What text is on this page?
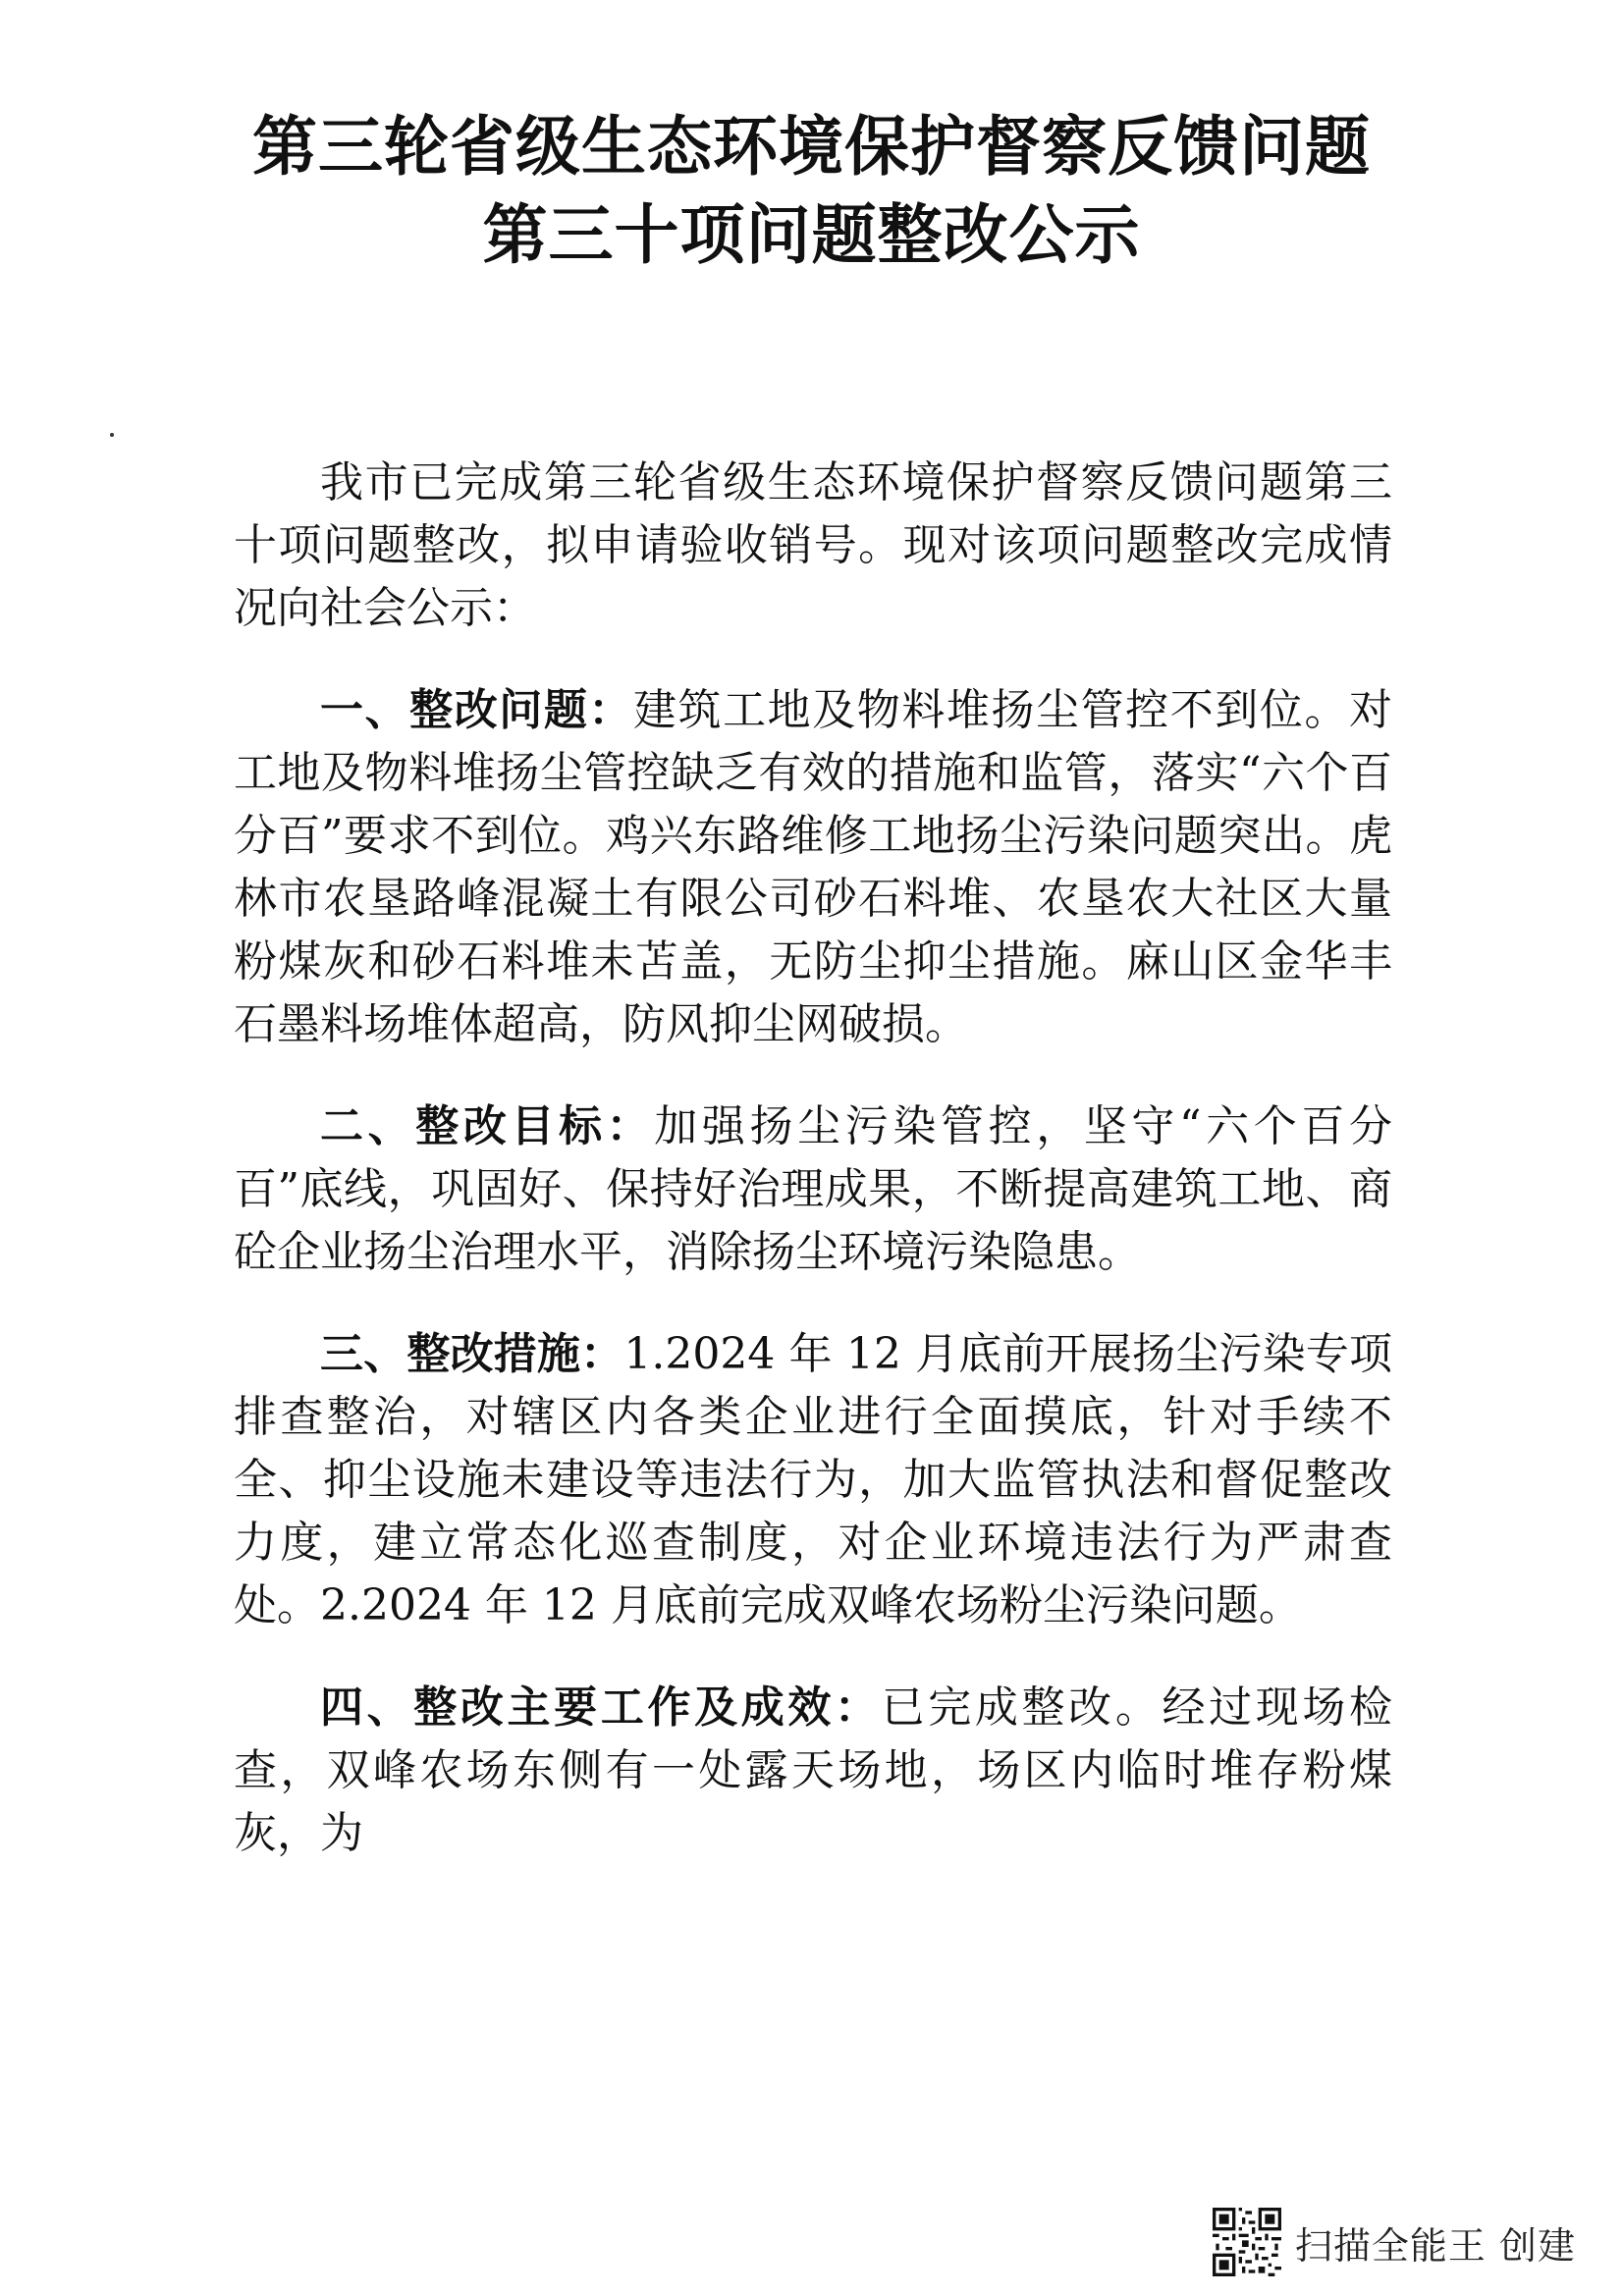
第三轮省级生态环境保护督察反馈问题
第三十项问题整改公示

我市已完成第三轮省级生态环境保护督察反馈问题第三十项问题整改，拟申请验收销号。现对该项问题整改完成情况向社会公示：

一、整改问题：建筑工地及物料堆扬尘管控不到位。对工地及物料堆扬尘管控缺乏有效的措施和监管，落实“六个百分百”要求不到位。鸡兴东路维修工地扬尘污染问题突出。虎林市农垦路峰混凝土有限公司砂石料堆、农垦农大社区大量粉煤灰和砂石料堆未苫盖，无防尘抑尘措施。麻山区金华丰石墨料场堆体超高，防风抑尘网破损。

二、整改目标：加强扬尘污染管控，坚守“六个百分百”底线，巩固好、保持好治理成果，不断提高建筑工地、商砼企业扬尘治理水平，消除扬尘环境污染隐患。

三、整改措施：1.2024 年 12 月底前开展扬尘污染专项排查整治，对辖区内各类企业进行全面摸底，针对手续不全、抑尘设施未建设等违法行为，加大监管执法和督促整改力度，建立常态化巡查制度，对企业环境违法行为严肃查处。2.2024 年 12 月底前完成双峰农场粉尘污染问题。

四、整改主要工作及成效：已完成整改。经过现场检查，双峰农场东侧有一处露天场地，场区内临时堆存粉煤灰，为

扫描全能王 创建
